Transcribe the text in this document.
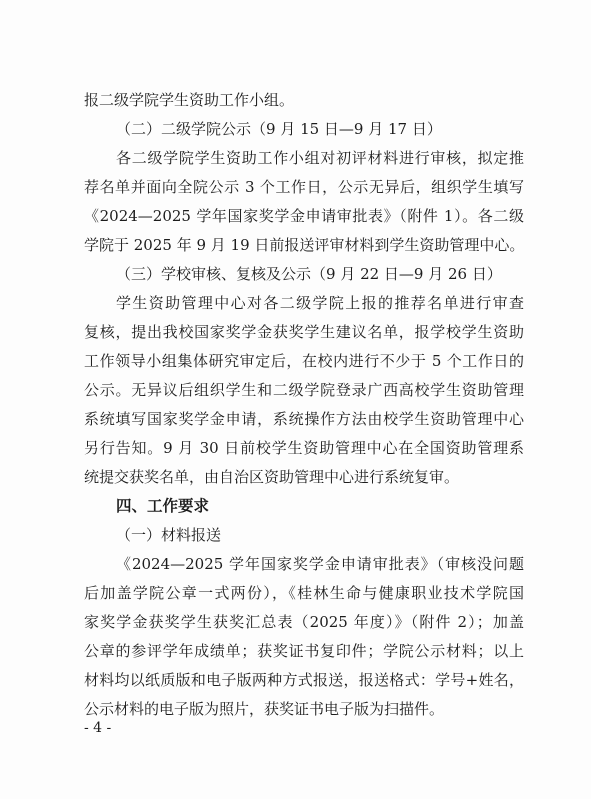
报二级学院学生资助工作小组。
（二）二级学院公示（9 月 15 日—9 月 17 日）
各二级学院学生资助工作小组对初评材料进行审核，拟定推
荐名单并面向全院公示 3 个工作日，公示无异后，组织学生填写
《2024—2025 学年国家奖学金申请审批表》（附件 1）。各二级
学院于 2025 年 9 月 19 日前报送评审材料到学生资助管理中心。
（三）学校审核、复核及公示（9 月 22 日—9 月 26 日）
学生资助管理中心对各二级学院上报的推荐名单进行审查
复核，提出我校国家奖学金获奖学生建议名单，报学校学生资助
工作领导小组集体研究审定后，在校内进行不少于 5 个工作日的
公示。无异议后组织学生和二级学院登录广西高校学生资助管理
系统填写国家奖学金申请，系统操作方法由校学生资助管理中心
另行告知。9 月 30 日前校学生资助管理中心在全国资助管理系
统提交获奖名单，由自治区资助管理中心进行系统复审。
四、工作要求
（一）材料报送
《2024—2025 学年国家奖学金申请审批表》（审核没问题
后加盖学院公章一式两份），《桂林生命与健康职业技术学院国
家奖学金获奖学生获奖汇总表（2025 年度）》（附件 2）；加盖
公章的参评学年成绩单；获奖证书复印件；学院公示材料；以上
材料均以纸质版和电子版两种方式报送，报送格式：学号+姓名，
公示材料的电子版为照片，获奖证书电子版为扫描件。
- 4 -
